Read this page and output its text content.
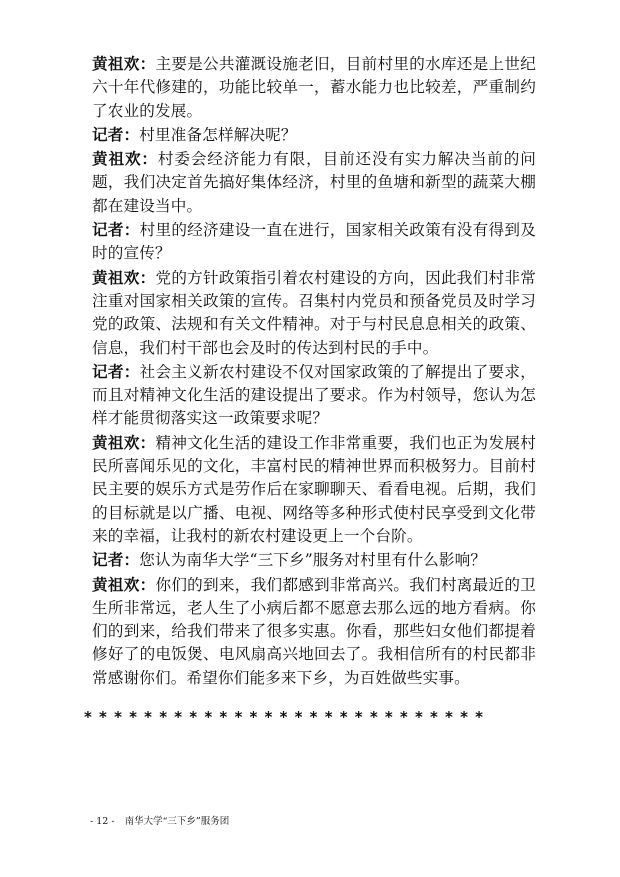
黄祖欢：主要是公共灌溉设施老旧，目前村里的水库还是上世纪六十年代修建的，功能比较单一，蓄水能力也比较差，严重制约了农业的发展。

记者：村里准备怎样解决呢？

黄祖欢：村委会经济能力有限，目前还没有实力解决当前的问题，我们决定首先搞好集体经济，村里的鱼塘和新型的蔬菜大棚都在建设当中。

记者：村里的经济建设一直在进行，国家相关政策有没有得到及时的宣传？

黄祖欢：党的方针政策指引着农村建设的方向，因此我们村非常注重对国家相关政策的宣传。召集村内党员和预备党员及时学习党的政策、法规和有关文件精神。对于与村民息息相关的政策、信息，我们村干部也会及时的传达到村民的手中。

记者：社会主义新农村建设不仅对国家政策的了解提出了要求，而且对精神文化生活的建设提出了要求。作为村领导，您认为怎样才能贯彻落实这一政策要求呢？

黄祖欢：精神文化生活的建设工作非常重要，我们也正为发展村民所喜闻乐见的文化，丰富村民的精神世界而积极努力。目前村民主要的娱乐方式是劳作后在家聊聊天、看看电视。后期，我们的目标就是以广播、电视、网络等多种形式使村民享受到文化带来的幸福，让我村的新农村建设更上一个台阶。

记者：您认为南华大学“三下乡”服务对村里有什么影响？

黄祖欢：你们的到来，我们都感到非常高兴。我们村离最近的卫生所非常远，老人生了小病后都不愿意去那么远的地方看病。你们的到来，给我们带来了很多实惠。你看，那些妇女他们都提着修好了的电饭煲、电风扇高兴地回去了。我相信所有的村民都非常感谢你们。希望你们能多来下乡，为百姓做些实事。

***************************
- 12 - 南华大学“三下乡”服务团
